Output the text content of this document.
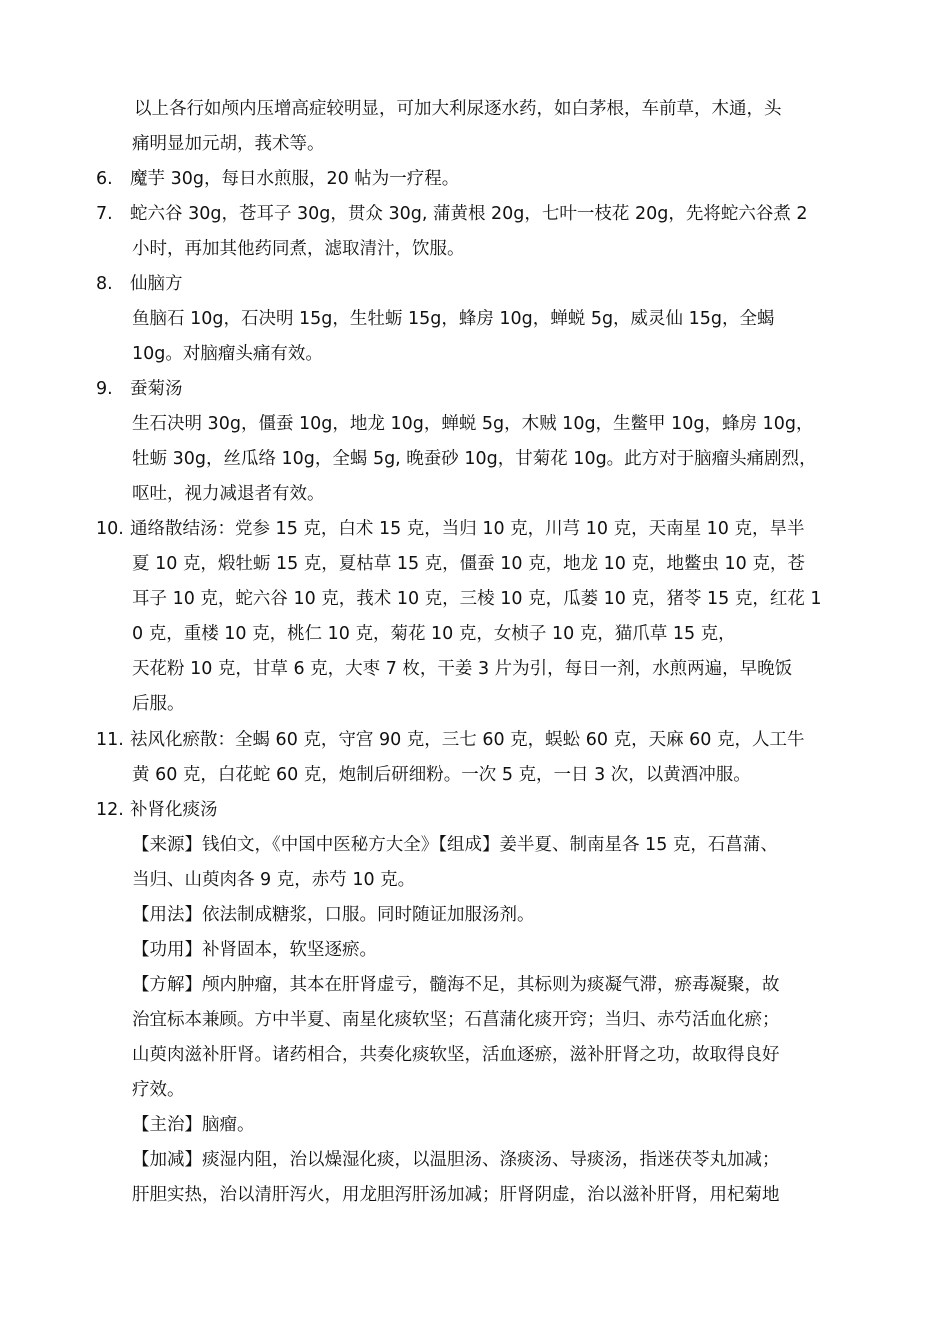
以上各行如颅内压增高症较明显，可加大利尿逐水药，如白茅根，车前草，木通，头
痛明显加元胡，莪术等。
6. 魔芋 30g，每日水煎服，20 帖为一疗程。
7. 蛇六谷 30g，苍耳子 30g，贯众 30g, 蒲黄根 20g，七叶一枝花 20g，先将蛇六谷煮 2
小时，再加其他药同煮，滤取清汁，饮服。
8. 仙脑方
鱼脑石 10g，石决明 15g，生牡蛎 15g，蜂房 10g，蝉蜕 5g，威灵仙 15g，全蝎
10g。对脑瘤头痛有效。
9. 蚕菊汤
生石决明 30g，僵蚕 10g，地龙 10g，蝉蜕 5g，木贼 10g，生鳖甲 10g，蜂房 10g，
牡蛎 30g，丝瓜络 10g，全蝎 5g, 晚蚕砂 10g，甘菊花 10g。此方对于脑瘤头痛剧烈，
呕吐，视力减退者有效。
10. 通络散结汤：党参 15 克，白术 15 克，当归 10 克，川芎 10 克，天南星 10 克，旱半
夏 10 克，煅牡蛎 15 克，夏枯草 15 克，僵蚕 10 克，地龙 10 克，地鳖虫 10 克，苍
耳子 10 克，蛇六谷 10 克，莪术 10 克，三棱 10 克，瓜蒌 10 克，猪苓 15 克，红花 1
0 克，重楼 10 克，桃仁 10 克，菊花 10 克，女桢子 10 克，猫爪草 15 克，
天花粉 10 克，甘草 6 克，大枣 7 枚，干姜 3 片为引，每日一剂，水煎两遍，早晚饭
后服。
11. 祛风化瘀散：全蝎 60 克，守宫 90 克，三七 60 克，蜈蚣 60 克，天麻 60 克，人工牛
黄 60 克，白花蛇 60 克，炮制后研细粉。一次 5 克，一日 3 次，以黄酒冲服。
12. 补肾化痰汤
【来源】钱伯文，《中国中医秘方大全》【组成】姜半夏、制南星各 15 克，石菖蒲、
当归、山萸肉各 9 克，赤芍 10 克。
【用法】依法制成糖浆，口服。同时随证加服汤剂。
【功用】补肾固本，软坚逐瘀。
【方解】颅内肿瘤，其本在肝肾虚亏，髓海不足，其标则为痰凝气滞，瘀毒凝聚，故
治宜标本兼顾。方中半夏、南星化痰软坚；石菖蒲化痰开窍；当归、赤芍活血化瘀；
山萸肉滋补肝肾。诸药相合，共奏化痰软坚，活血逐瘀，滋补肝肾之功，故取得良好
疗效。
【主治】脑瘤。
【加减】痰湿内阻，治以燥湿化痰，以温胆汤、涤痰汤、导痰汤，指迷茯苓丸加减；
肝胆实热，治以清肝泻火，用龙胆泻肝汤加减；肝肾阴虚，治以滋补肝肾，用杞菊地
